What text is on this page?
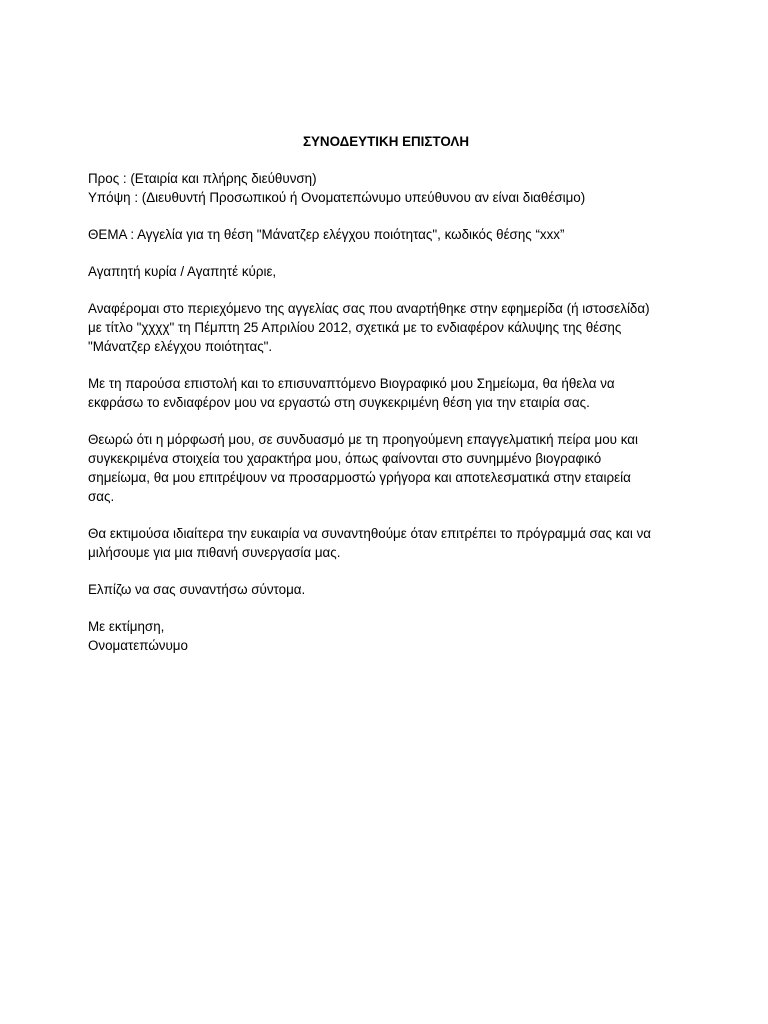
ΣΥΝΟΔΕΥΤΙΚΗ ΕΠΙΣΤΟΛΗ
Προς : (Εταιρία και πλήρης διεύθυνση)
Υπόψη : (Διευθυντή Προσωπικού ή Ονοματεπώνυμο υπεύθυνου αν είναι διαθέσιμο)
ΘΕΜΑ : Αγγελία για τη θέση "Μάνατζερ ελέγχου ποιότητας", κωδικός θέσης “xxx”
Αγαπητή κυρία / Αγαπητέ κύριε,
Αναφέρομαι στο περιεχόμενο της αγγελίας σας που αναρτήθηκε στην εφημερίδα (ή ιστοσελίδα)
με τίτλο "χχχχ" τη Πέμπτη 25 Απριλίου 2012, σχετικά με το ενδιαφέρον κάλυψης της θέσης
"Μάνατζερ ελέγχου ποιότητας".
Με τη παρούσα επιστολή και το επισυναπτόμενο Βιογραφικό μου Σημείωμα, θα ήθελα να
εκφράσω το ενδιαφέρον μου να εργαστώ στη συγκεκριμένη θέση για την εταιρία σας.
Θεωρώ ότι η μόρφωσή μου, σε συνδυασμό με τη προηγούμενη επαγγελματική πείρα μου και
συγκεκριμένα στοιχεία του χαρακτήρα μου, όπως φαίνονται στο συνημμένο βιογραφικό
σημείωμα, θα μου επιτρέψουν να προσαρμοστώ γρήγορα και αποτελεσματικά στην εταιρεία
σας.
Θα εκτιμούσα ιδιαίτερα την ευκαιρία να συναντηθούμε όταν επιτρέπει το πρόγραμμά σας και να
μιλήσουμε για μια πιθανή συνεργασία μας.
Ελπίζω να σας συναντήσω σύντομα.
Με εκτίμηση,
Ονοματεπώνυμο
